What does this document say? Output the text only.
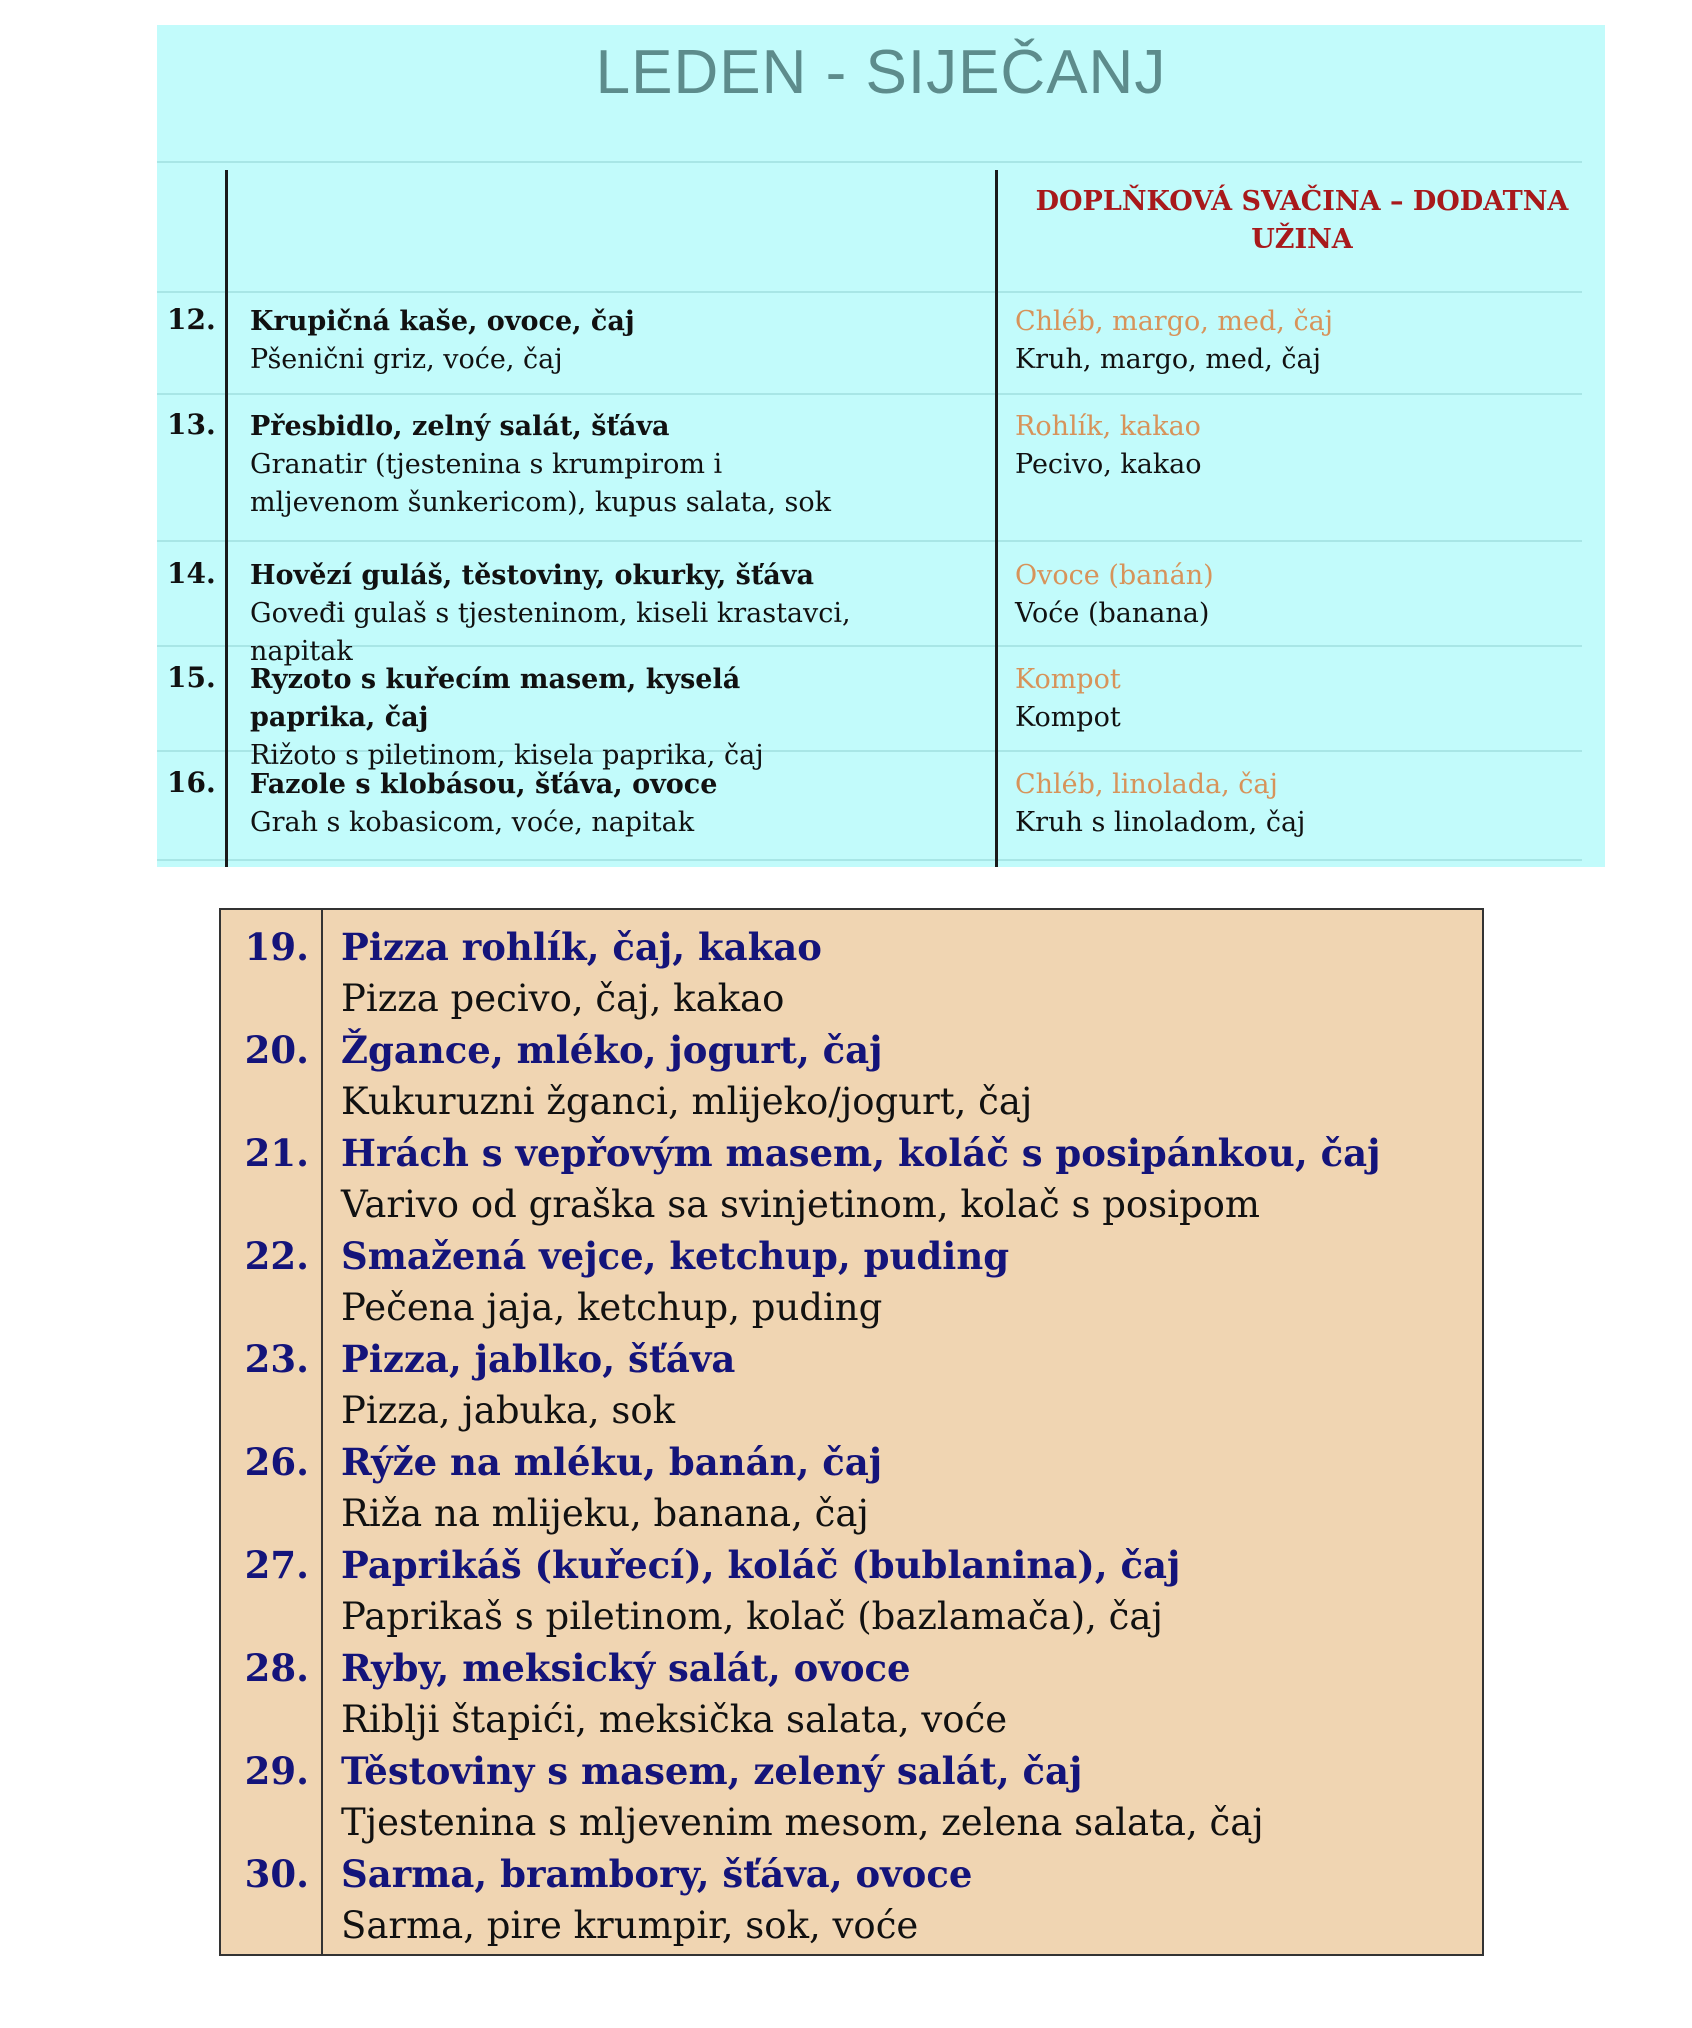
LEDEN - SIJEČANJ
DOPLŇKOVÁ SVAČINA – DODATNA UŽINA
12. Krupičná kaše, ovoce, čaj
Pšenični griz, voće, čaj
Chléb, margo, med, čaj
Kruh, margo, med, čaj
13. Přesbidlo, zelný salát, šťáva
Granatir (tjestenina s krumpirom i mljevenom šunkericom), kupus salata, sok
Rohlík, kakao
Pecivo, kakao
14. Hovězí guláš, těstoviny, okurky, šťáva
Goveđi gulaš s tjesteninom, kiseli krastavci, napitak
Ovoce (banán)
Voće (banana)
15. Ryzoto s kuřecím masem, kyselá paprika, čaj
Rižoto s piletinom, kisela paprika, čaj
Kompot
Kompot
16. Fazole s klobásou, šťáva, ovoce
Grah s kobasicom, voće, napitak
Chléb, linolada, čaj
Kruh s linoladom, čaj
19. Pizza rohlík, čaj, kakao
Pizza pecivo, čaj, kakao
20. Žgance, mléko, jogurt, čaj
Kukuruzni žganci, mlijeko/jogurt, čaj
21. Hrách s vepřovým masem, koláč s posipánkou, čaj
Varivo od graška sa svinjetinom, kolač s posipom
22. Smažená vejce, ketchup, puding
Pečena jaja, ketchup, puding
23. Pizza, jablko, šťáva
Pizza, jabuka, sok
26. Rýže na mléku, banán, čaj
Riža na mlijeku, banana, čaj
27. Paprikáš (kuřecí), koláč (bublanina), čaj
Paprikaš s piletinom, kolač (bazlamača), čaj
28. Ryby, meksický salát, ovoce
Riblji štapići, meksička salata, voće
29. Těstoviny s masem, zelený salát, čaj
Tjestenina s mljevenim mesom, zelena salata, čaj
30. Sarma, brambory, šťáva, ovoce
Sarma, pire krumpir, sok, voće
